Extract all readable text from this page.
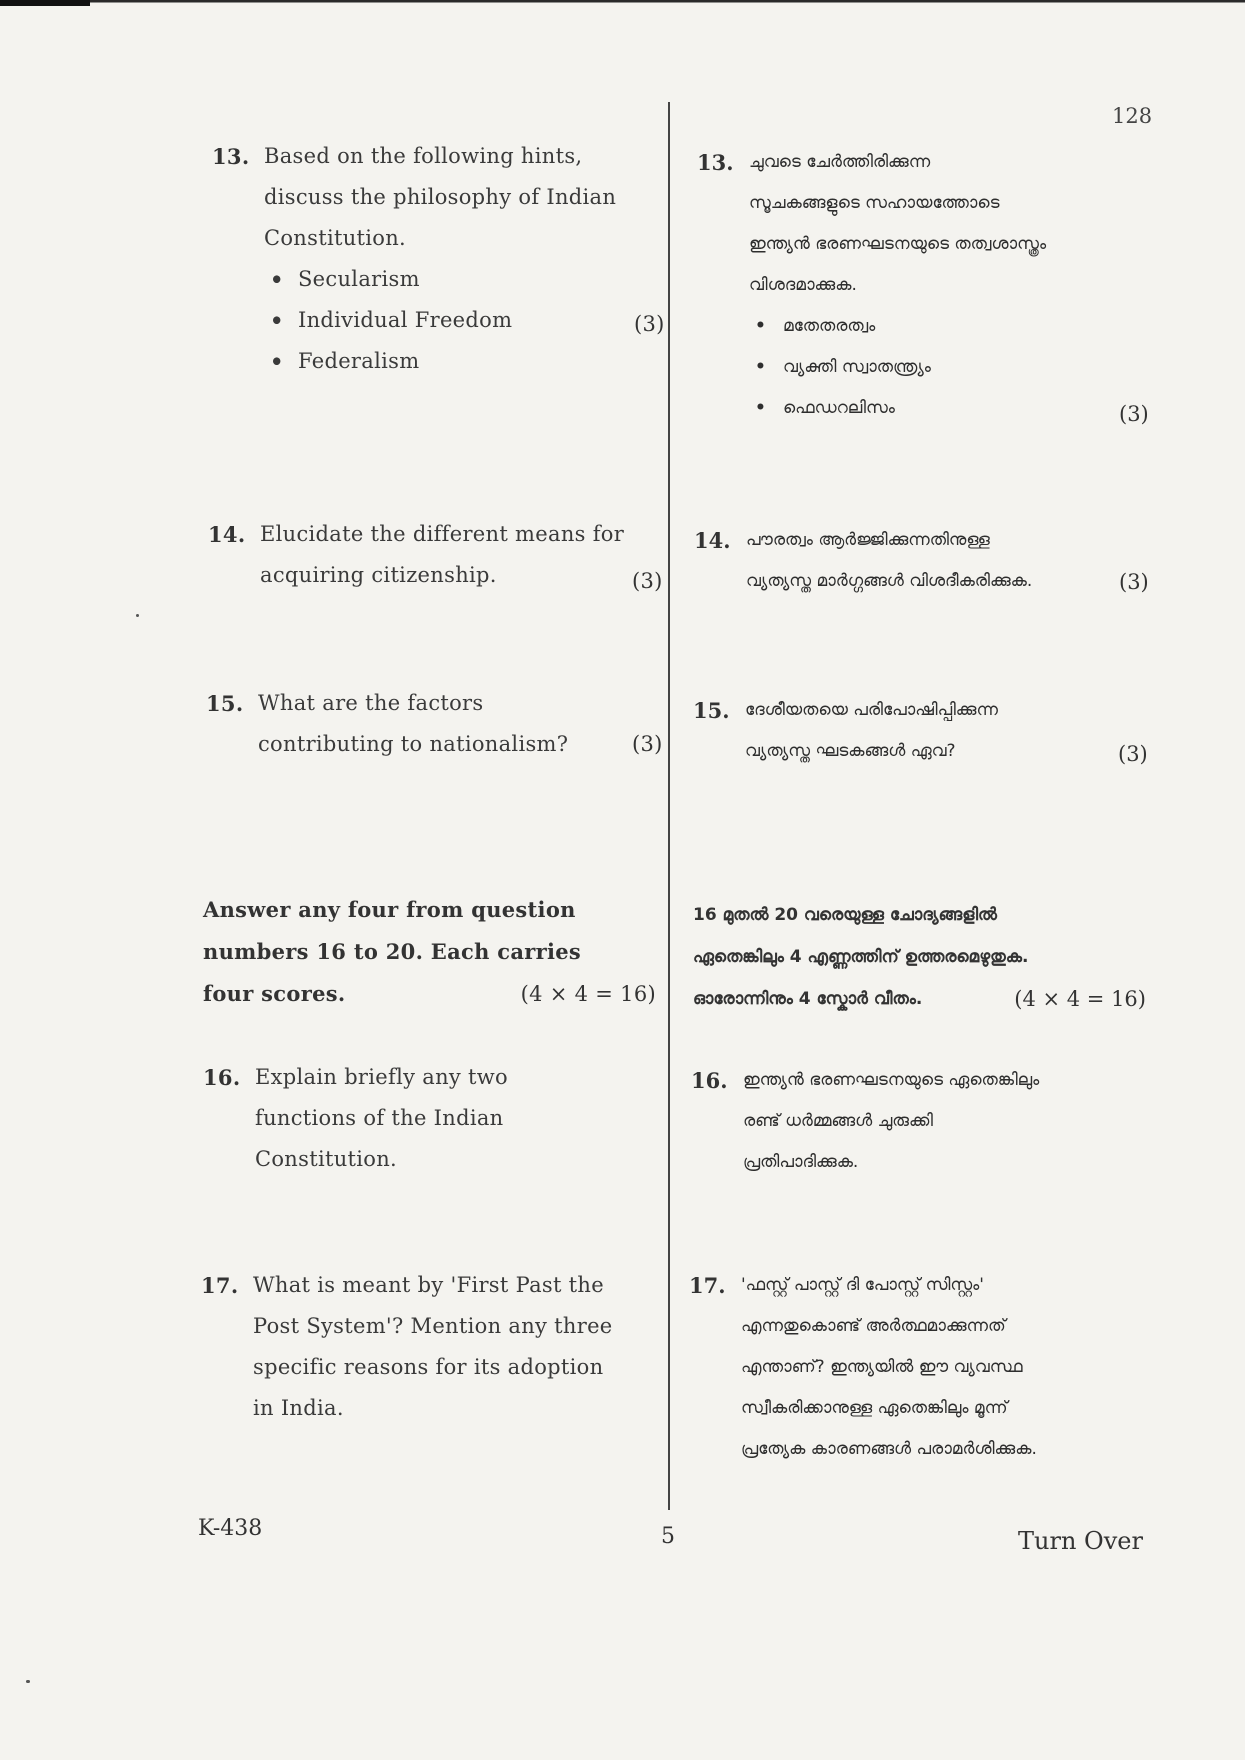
128
13. Based on the following hints,
discuss the philosophy of Indian
Constitution.
• Secularism
• Individual Freedom
• Federalism
(3)
14. Elucidate the different means for
acquiring citizenship.	(3)
15. What are the factors
contributing to nationalism?	(3)
Answer any four from question
numbers 16 to 20. Each carries
four scores.	(4 × 4 = 16)
16. Explain briefly any two
functions of the Indian
Constitution.
17. What is meant by 'First Past the
Post System'? Mention any three
specific reasons for its adoption
in India.
13. ചുവടെ ചേർത്തിരിക്കുന്ന
സൂചകങ്ങളുടെ സഹായത്തോടെ
ഇന്ത്യൻ ഭരണഘടനയുടെ തത്വശാസ്ത്രം
വിശദമാക്കുക.
• മതേതരത്വം
• വ്യക്തി സ്വാതന്ത്ര്യം
• ഫെഡറലിസം	(3)
14. പൗരത്വം ആർജ്ജിക്കുന്നതിനുള്ള
വ്യത്യസ്ത മാർഗ്ഗങ്ങൾ വിശദീകരിക്കുക.	(3)
15. ദേശീയതയെ പരിപോഷിപ്പിക്കുന്ന
വ്യത്യസ്ത ഘടകങ്ങൾ ഏവ?	(3)
16 മുതൽ 20 വരെയുള്ള ചോദ്യങ്ങളിൽ
ഏതെങ്കിലും 4 എണ്ണത്തിന് ഉത്തരമെഴുതുക.
ഓരോന്നിനും 4 സ്കോർ വീതം.	(4 × 4 = 16)
16. ഇന്ത്യൻ ഭരണഘടനയുടെ ഏതെങ്കിലും
രണ്ട് ധർമ്മങ്ങൾ ചുരുക്കി
പ്രതിപാദിക്കുക.
17. 'ഫസ്റ്റ് പാസ്റ്റ് ദി പോസ്റ്റ് സിസ്റ്റം'
എന്നതുകൊണ്ട് അർത്ഥമാക്കുന്നത്
എന്താണ്? ഇന്ത്യയിൽ ഈ വ്യവസ്ഥ
സ്വീകരിക്കാനുള്ള ഏതെങ്കിലും മൂന്ന്
പ്രത്യേക കാരണങ്ങൾ പരാമർശിക്കുക.
K-438	5	Turn Over
